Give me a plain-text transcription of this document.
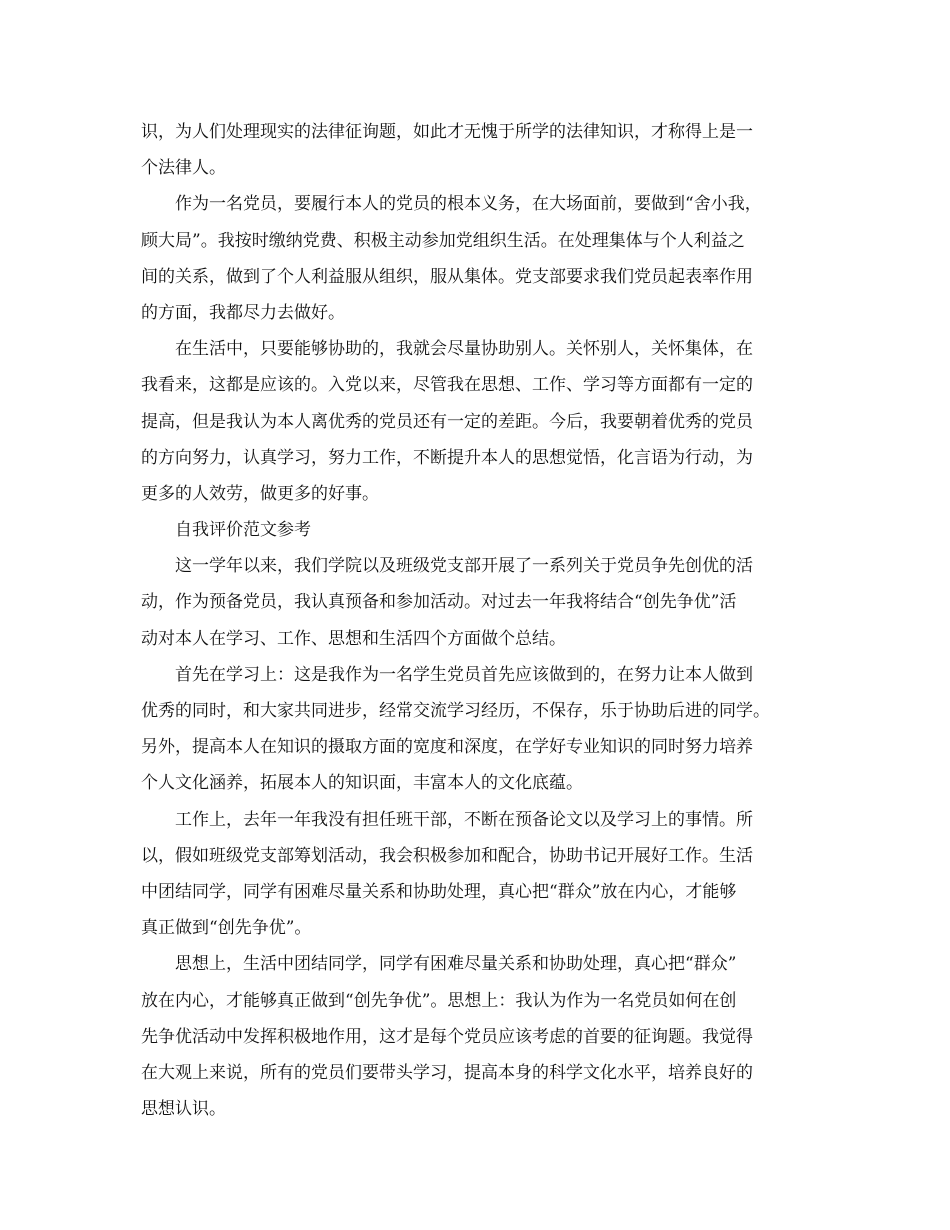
识，为人们处理现实的法律征询题，如此才无愧于所学的法律知识，才称得上是一
个法律人。
作为一名党员，要履行本人的党员的根本义务，在大场面前，要做到“舍小我，
顾大局”。我按时缴纳党费、积极主动参加党组织生活。在处理集体与个人利益之
间的关系，做到了个人利益服从组织，服从集体。党支部要求我们党员起表率作用
的方面，我都尽力去做好。
在生活中，只要能够协助的，我就会尽量协助别人。关怀别人，关怀集体，在
我看来，这都是应该的。入党以来，尽管我在思想、工作、学习等方面都有一定的
提高，但是我认为本人离优秀的党员还有一定的差距。今后，我要朝着优秀的党员
的方向努力，认真学习，努力工作，不断提升本人的思想觉悟，化言语为行动，为
更多的人效劳，做更多的好事。
自我评价范文参考
这一学年以来，我们学院以及班级党支部开展了一系列关于党员争先创优的活
动，作为预备党员，我认真预备和参加活动。对过去一年我将结合“创先争优”活
动对本人在学习、工作、思想和生活四个方面做个总结。
首先在学习上：这是我作为一名学生党员首先应该做到的，在努力让本人做到
优秀的同时，和大家共同进步，经常交流学习经历，不保存，乐于协助后进的同学。
另外，提高本人在知识的摄取方面的宽度和深度，在学好专业知识的同时努力培养
个人文化涵养，拓展本人的知识面，丰富本人的文化底蕴。
工作上，去年一年我没有担任班干部，不断在预备论文以及学习上的事情。所
以，假如班级党支部筹划活动，我会积极参加和配合，协助书记开展好工作。生活
中团结同学，同学有困难尽量关系和协助处理，真心把“群众”放在内心，才能够
真正做到“创先争优”。
思想上，生活中团结同学，同学有困难尽量关系和协助处理，真心把“群众”
放在内心，才能够真正做到“创先争优”。思想上：我认为作为一名党员如何在创
先争优活动中发挥积极地作用，这才是每个党员应该考虑的首要的征询题。我觉得
在大观上来说，所有的党员们要带头学习，提高本身的科学文化水平，培养良好的
思想认识。
